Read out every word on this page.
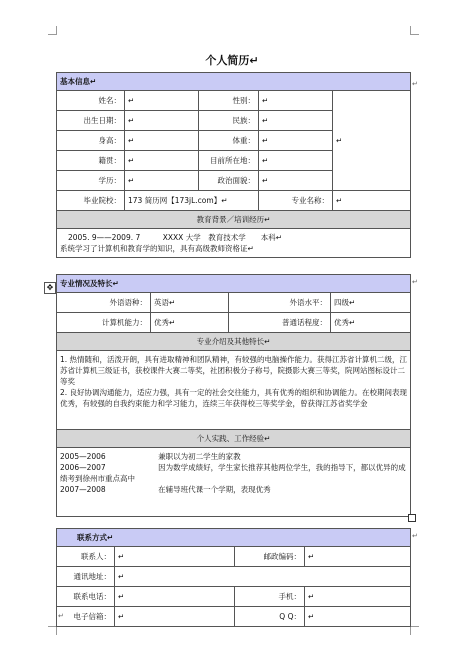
个人简历↵
基本信息↵				
姓名：	↵	性别：	↵	↵
出生日期：	↵	民族：	↵	
身高：	↵	体重：	↵	
籍贯：	↵	目前所在地：	↵	
学历：	↵	政治面貌：	↵	
毕业院校：	173 简历网【173jL.com】↵		专业名称：	↵
教育背景／培训经历↵				

2005. 9——2009. 7　　　XXXX 大学　教育技术学　　本科↵
系统学习了计算机和教育学的知识，具有高级教师资格证↵				
✥ 专业情况及特长↵			
外语语种：	英语↵	外语水平：	四级↵
计算机能力：	优秀↵	普通话程度：	优秀↵
专业介绍及其他特长↵			
1. 热情随和，活泼开朗，具有进取精神和团队精神，有较强的电脑操作能力。获得江苏省计算机二级，江苏省计算机三级证书，获校课件大赛二等奖，社团积极分子称号，院摄影大赛三等奖，院网站图标设计二等奖
2. 良好协调沟通能力，适应力强，具有一定的社会交往能力，具有优秀的组织和协调能力。在校期间表现优秀，有较强的自我约束能力和学习能力，连续三年获得校三等奖学金，曾获得江苏省奖学金			
个人实践、工作经验↵			
2005—2006　　　　　　　兼职以为初二学生的家教
2006—2007　　　　　　　因为数学成绩好，学生家长推荐其他两位学生，我的指导下，都以优异的成绩考到徐州市重点高中
2007—2008　　　　　　　在辅导班代课一个学期，表现优秀			
联系方式↵			
联系人：	↵	邮政编码：	↵
通讯地址：	↵		
联系电话：	↵	手机：	↵
电子信箱：	↵	Q Q：	↵
↵
↵
↵
↵
